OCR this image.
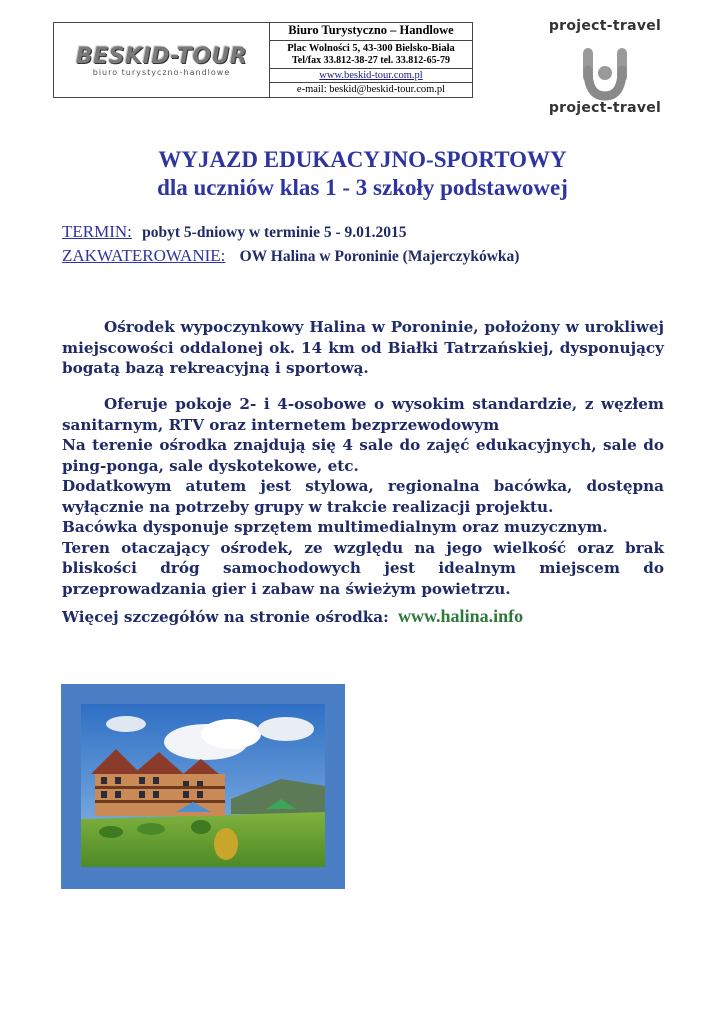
BESKID-TOUR
biuro turystyczno-handlowe
Biuro Turystyczno – Handlowe
Plac Wolności 5, 43-300 Bielsko-Biała
Tel/fax 33.812-38-27 tel. 33.812-65-79
www.beskid-tour.com.pl
e-mail: beskid@beskid-tour.com.pl
project-travel
project-travel
WYJAZD EDUKACYJNO-SPORTOWY
dla uczniów klas 1 - 3 szkoły podstawowej
TERMIN: pobyt 5-dniowy w terminie 5 - 9.01.2015
ZAKWATEROWANIE: OW Halina w Poroninie (Majerczykówka)

Ośrodek wypoczynkowy Halina w Poroninie, położony w urokliwej miejscowości oddalonej ok. 14 km od Białki Tatrzańskiej, dysponujący bogatą bazą rekreacyjną i sportową.

Oferuje pokoje 2- i 4-osobowe o wysokim standardzie, z węzłem sanitarnym, RTV oraz internetem bezprzewodowym

Na terenie ośrodka znajdują się 4 sale do zajęć edukacyjnych, sale do ping-ponga, sale dyskotekowe, etc.

Dodatkowym atutem jest stylowa, regionalna bacówka, dostępna wyłącznie na potrzeby grupy w trakcie realizacji projektu.

Bacówka dysponuje sprzętem multimedialnym oraz muzycznym.

Teren otaczający ośrodek, ze względu na jego wielkość oraz brak bliskości dróg samochodowych jest idealnym miejscem do przeprowadzania gier i zabaw na świeżym powietrzu.

Więcej szczegółów na stronie ośrodka: www.halina.info
